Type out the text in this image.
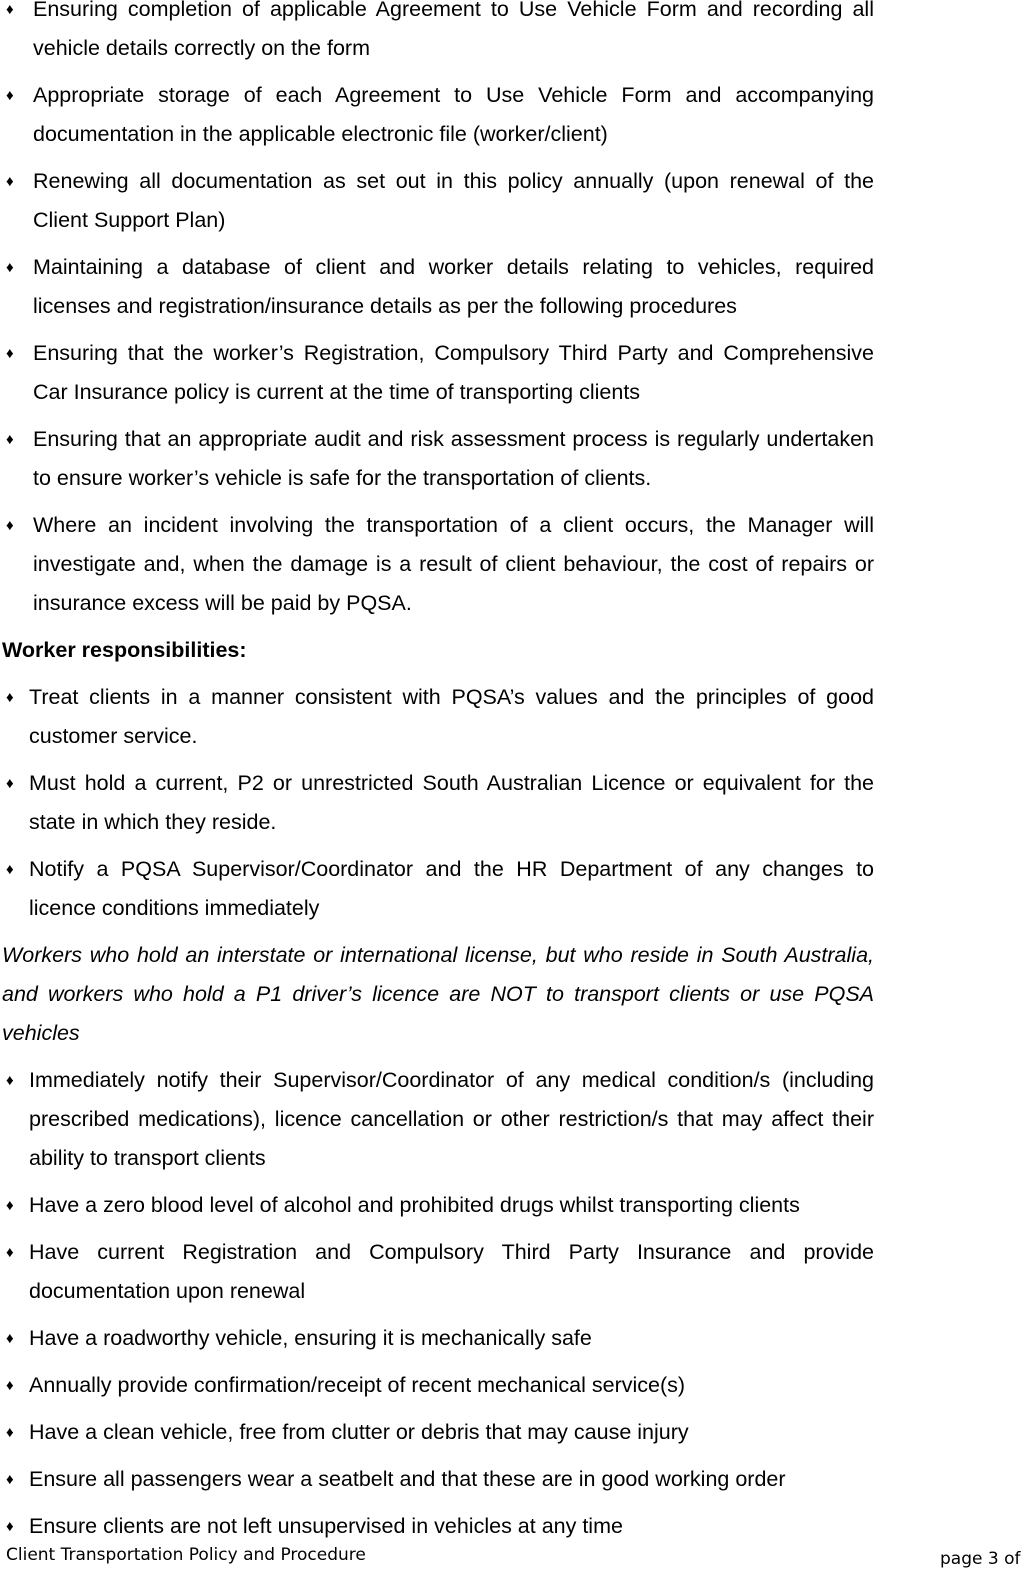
♦ Ensuring completion of applicable Agreement to Use Vehicle Form and recording all vehicle details correctly on the form
♦ Appropriate storage of each Agreement to Use Vehicle Form and accompanying documentation in the applicable electronic file (worker/client)
♦ Renewing all documentation as set out in this policy annually (upon renewal of the Client Support Plan)
♦ Maintaining a database of client and worker details relating to vehicles, required licenses and registration/insurance details as per the following procedures
♦ Ensuring that the worker’s Registration, Compulsory Third Party and Comprehensive Car Insurance policy is current at the time of transporting clients
♦ Ensuring that an appropriate audit and risk assessment process is regularly undertaken to ensure worker’s vehicle is safe for the transportation of clients.
♦ Where an incident involving the transportation of a client occurs, the Manager will investigate and, when the damage is a result of client behaviour, the cost of repairs or insurance excess will be paid by PQSA.
Worker responsibilities:
♦ Treat clients in a manner consistent with PQSA’s values and the principles of good customer service.
♦ Must hold a current, P2 or unrestricted South Australian Licence or equivalent for the state in which they reside.
♦ Notify a PQSA Supervisor/Coordinator and the HR Department of any changes to licence conditions immediately
Workers who hold an interstate or international license, but who reside in South Australia, and workers who hold a P1 driver’s licence are NOT to transport clients or use PQSA vehicles
♦ Immediately notify their Supervisor/Coordinator of any medical condition/s (including prescribed medications), licence cancellation or other restriction/s that may affect their ability to transport clients
♦ Have a zero blood level of alcohol and prohibited drugs whilst transporting clients
♦ Have current Registration and Compulsory Third Party Insurance and provide documentation upon renewal
♦ Have a roadworthy vehicle, ensuring it is mechanically safe
♦ Annually provide confirmation/receipt of recent mechanical service(s)
♦ Have a clean vehicle, free from clutter or debris that may cause injury
♦ Ensure all passengers wear a seatbelt and that these are in good working order
♦ Ensure clients are not left unsupervised in vehicles at any time
Client Transportation Policy and Procedure	page 3 of
